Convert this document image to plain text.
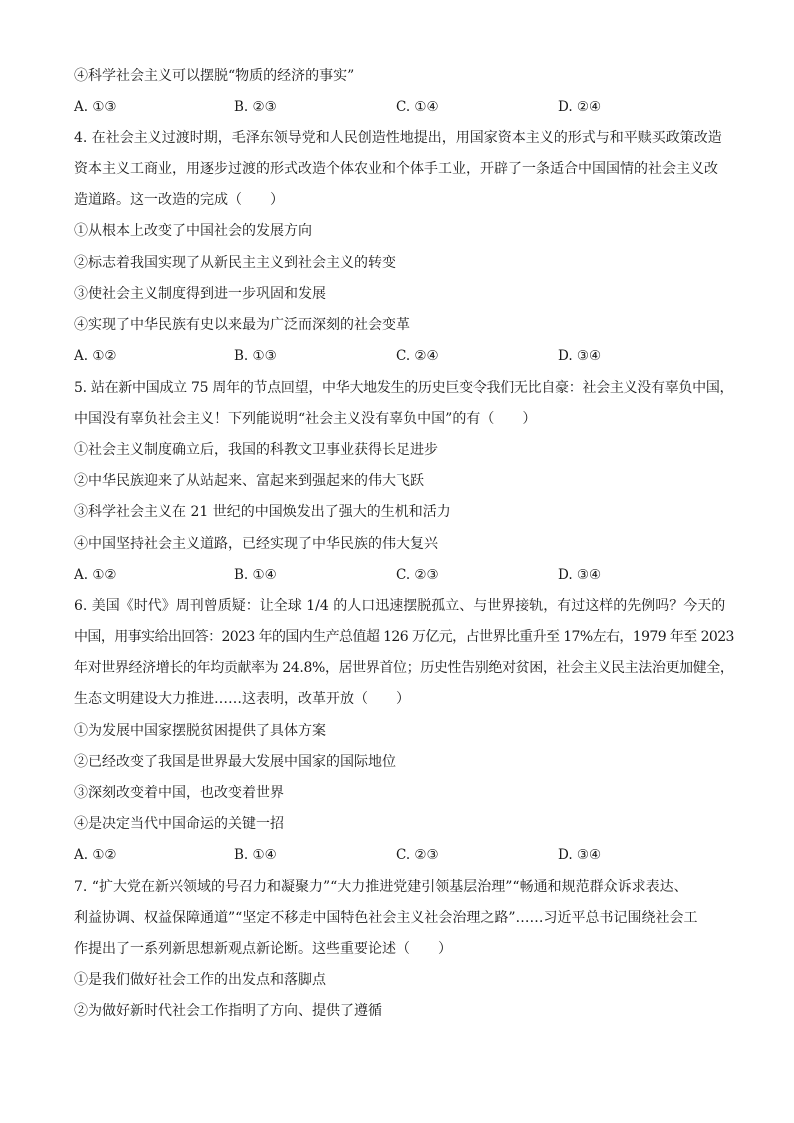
④科学社会主义可以摆脱“物质的经济的事实”
A. ①③	B. ②③	C. ①④	D. ②④
4. 在社会主义过渡时期，毛泽东领导党和人民创造性地提出，用国家资本主义的形式与和平赎买政策改造
资本主义工商业，用逐步过渡的形式改造个体农业和个体手工业，开辟了一条适合中国国情的社会主义改
造道路。这一改造的完成（　　）
①从根本上改变了中国社会的发展方向
②标志着我国实现了从新民主主义到社会主义的转变
③使社会主义制度得到进一步巩固和发展
④实现了中华民族有史以来最为广泛而深刻的社会变革
A. ①②	B. ①③	C. ②④	D. ③④
5. 站在新中国成立 75 周年的节点回望，中华大地发生的历史巨变令我们无比自豪：社会主义没有辜负中国，
中国没有辜负社会主义！下列能说明“社会主义没有辜负中国”的有（　　）
①社会主义制度确立后，我国的科教文卫事业获得长足进步
②中华民族迎来了从站起来、富起来到强起来的伟大飞跃
③科学社会主义在 21 世纪的中国焕发出了强大的生机和活力
④中国坚持社会主义道路，已经实现了中华民族的伟大复兴
A. ①②	B. ①④	C. ②③	D. ③④
6. 美国《时代》周刊曾质疑：让全球 1/4 的人口迅速摆脱孤立、与世界接轨，有过这样的先例吗？今天的
中国，用事实给出回答：2023 年的国内生产总值超 126 万亿元，占世界比重升至 17%左右，1979 年至 2023
年对世界经济增长的年均贡献率为 24.8%，居世界首位；历史性告别绝对贫困，社会主义民主法治更加健全，
生态文明建设大力推进……这表明，改革开放（　　）
①为发展中国家摆脱贫困提供了具体方案
②已经改变了我国是世界最大发展中国家的国际地位
③深刻改变着中国，也改变着世界
④是决定当代中国命运的关键一招
A. ①②	B. ①④	C. ②③	D. ③④
7. “扩大党在新兴领域的号召力和凝聚力”“大力推进党建引领基层治理”“畅通和规范群众诉求表达、
利益协调、权益保障通道”“坚定不移走中国特色社会主义社会治理之路”……习近平总书记围绕社会工
作提出了一系列新思想新观点新论断。这些重要论述（　　）
①是我们做好社会工作的出发点和落脚点
②为做好新时代社会工作指明了方向、提供了遵循
